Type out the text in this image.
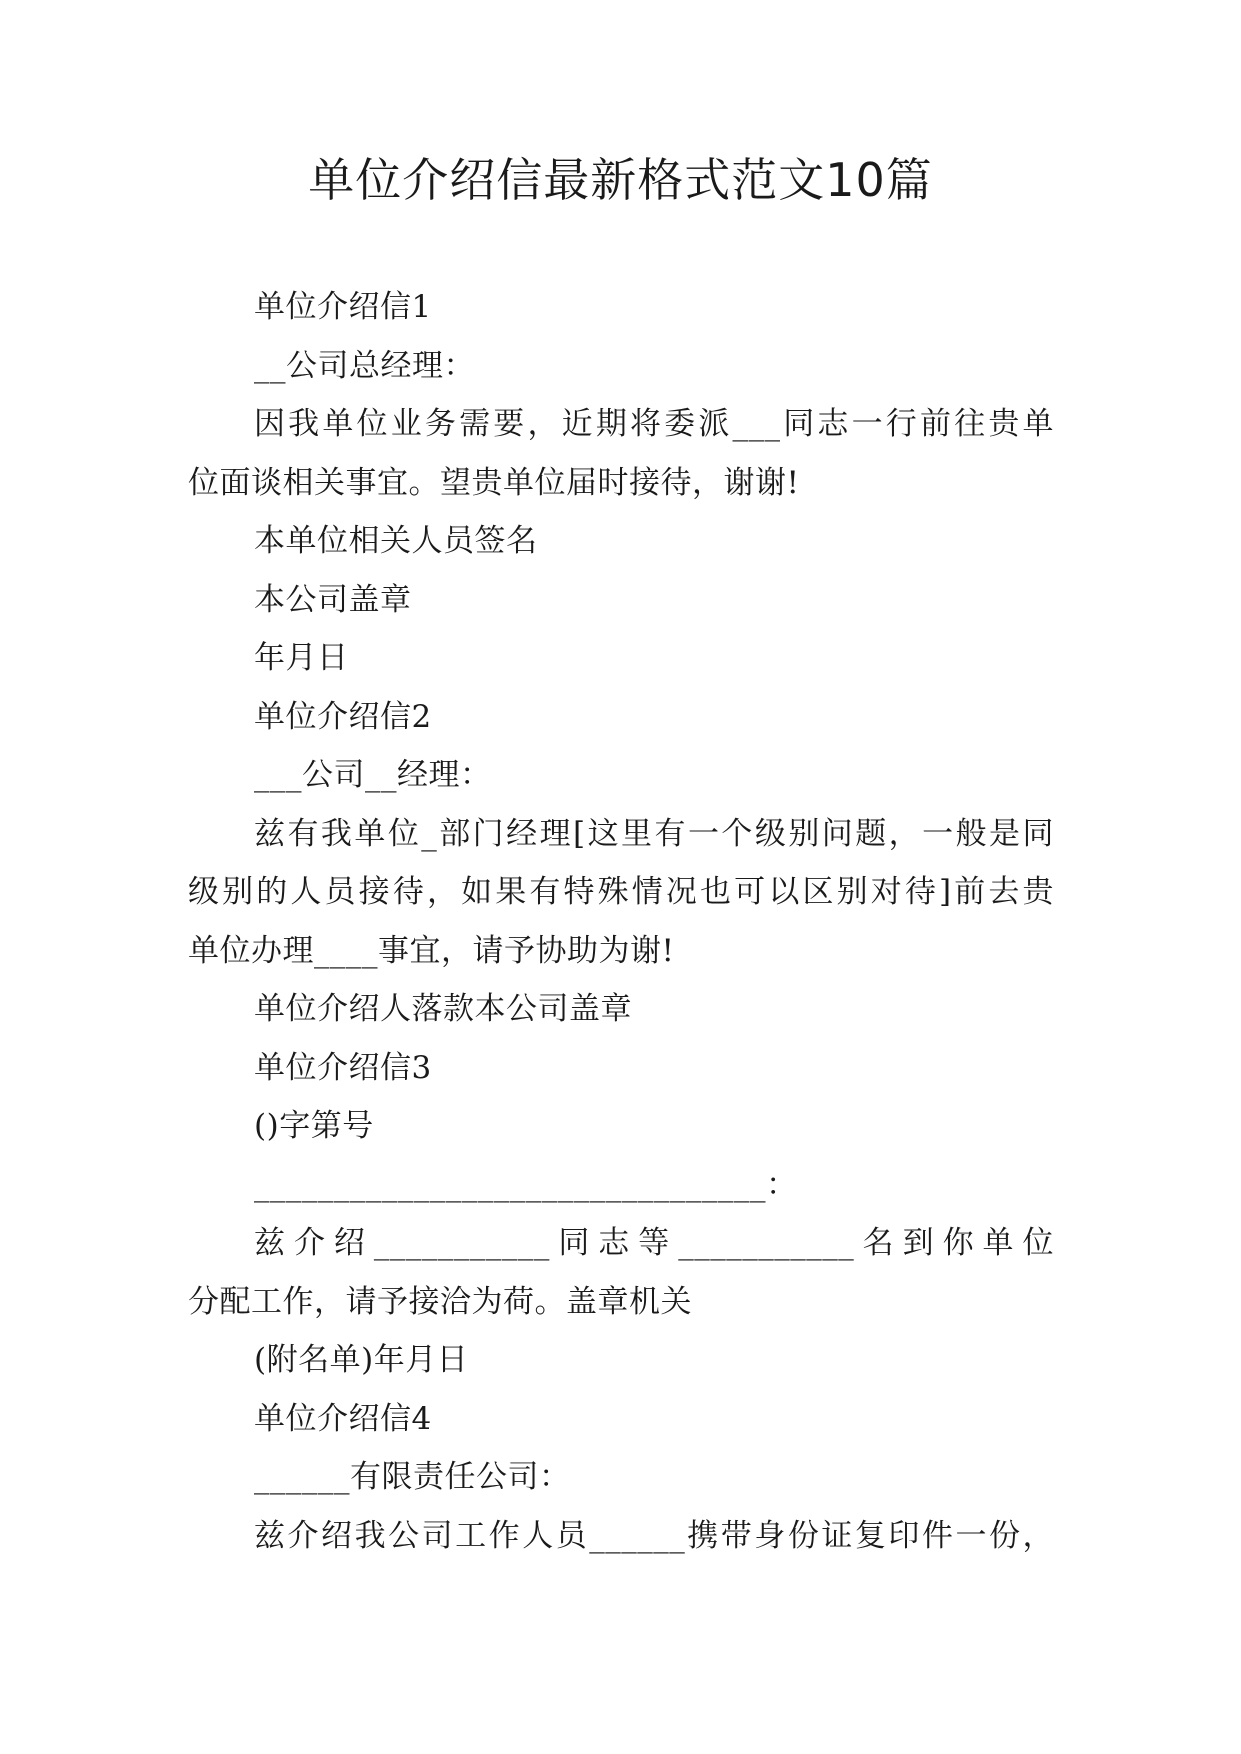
单位介绍信最新格式范文10篇
单位介绍信1
__公司总经理：
因我单位业务需要，近期将委派___同志一行前往贵单
位面谈相关事宜。望贵单位届时接待，谢谢!
本单位相关人员签名
本公司盖章
年月日
单位介绍信2
___公司__经理：
兹有我单位_部门经理[这里有一个级别问题，一般是同
级别的人员接待，如果有特殊情况也可以区别对待]前去贵
单位办理____事宜，请予协助为谢!
单位介绍人落款本公司盖章
单位介绍信3
()字第号
________________________________：
兹介绍___________同志等___________名到你单位
分配工作，请予接洽为荷。盖章机关
(附名单)年月日
单位介绍信4
______有限责任公司：
兹介绍我公司工作人员______携带身份证复印件一份，
